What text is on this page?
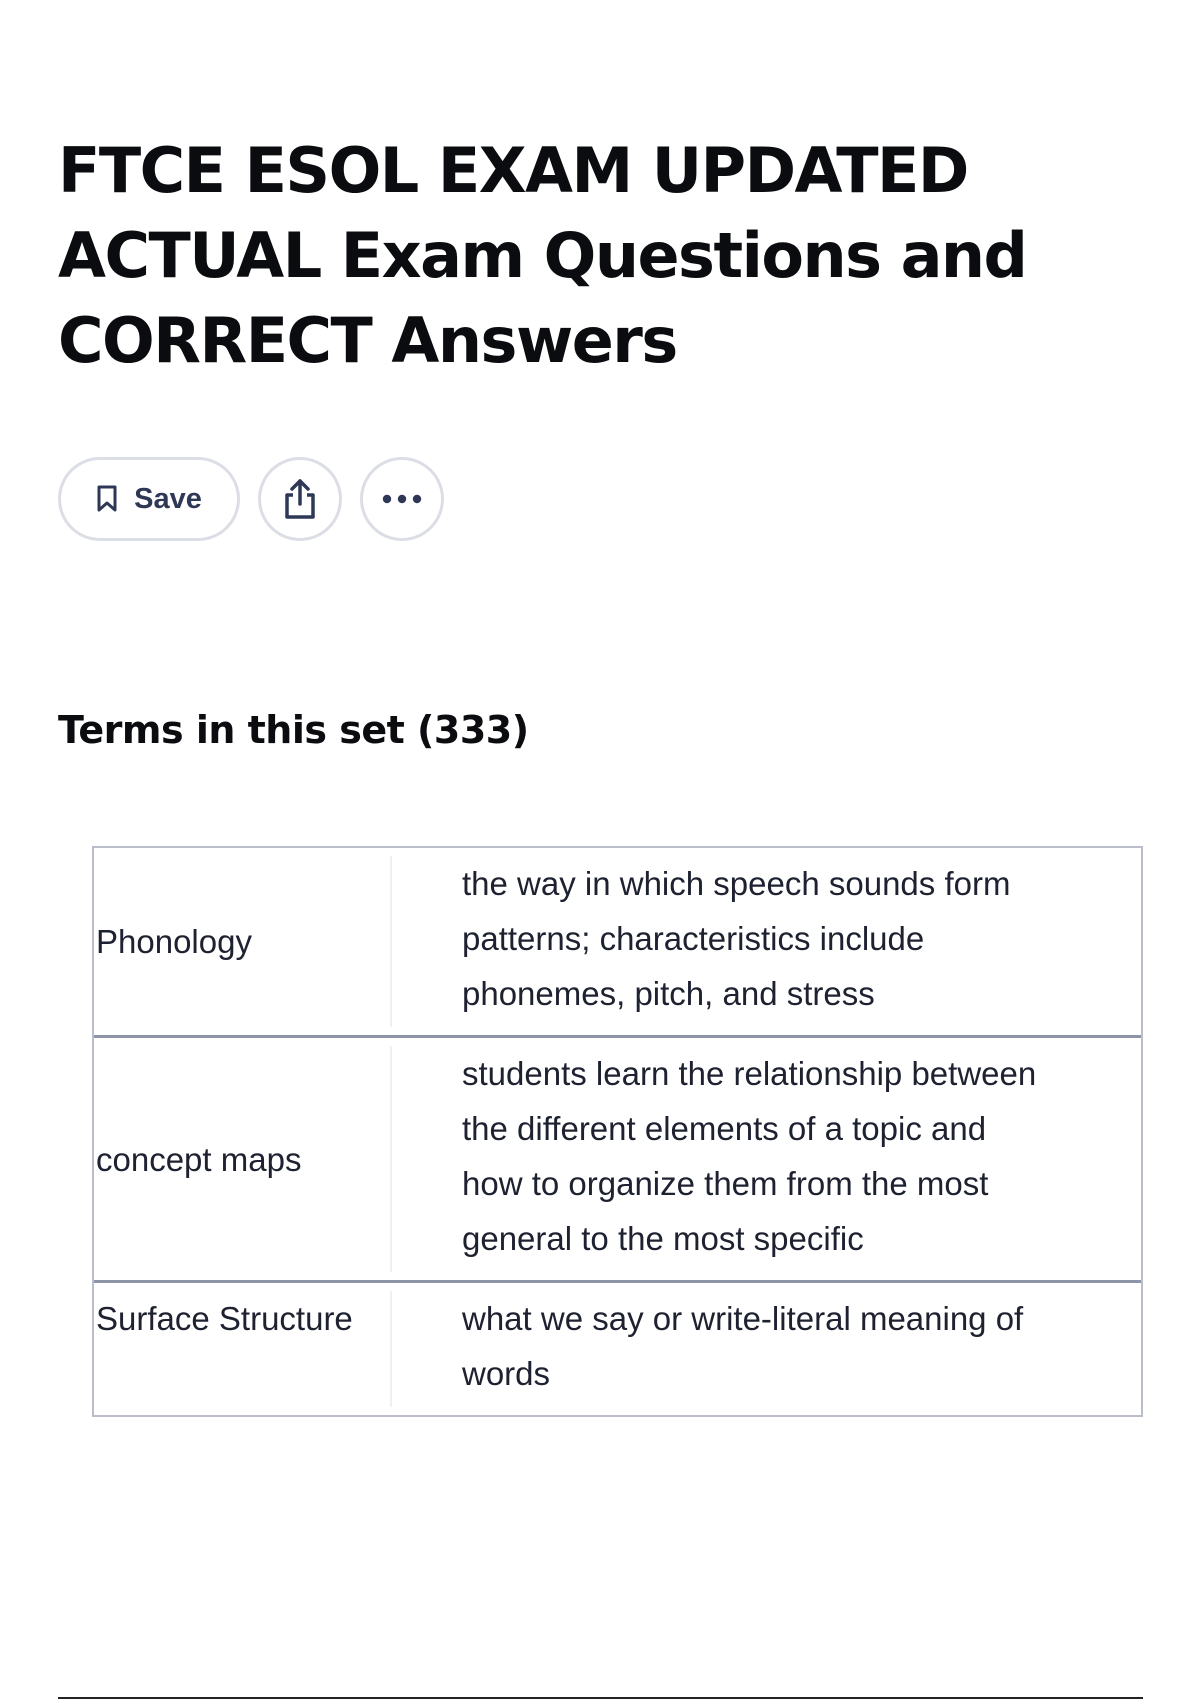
FTCE ESOL EXAM UPDATED ACTUAL Exam Questions and CORRECT Answers
Save
Terms in this set (333)
Phonology
the way in which speech sounds form patterns; characteristics include phonemes, pitch, and stress
concept maps
students learn the relationship between the different elements of a topic and how to organize them from the most general to the most specific
Surface Structure	what we say or write-literal meaning of words
